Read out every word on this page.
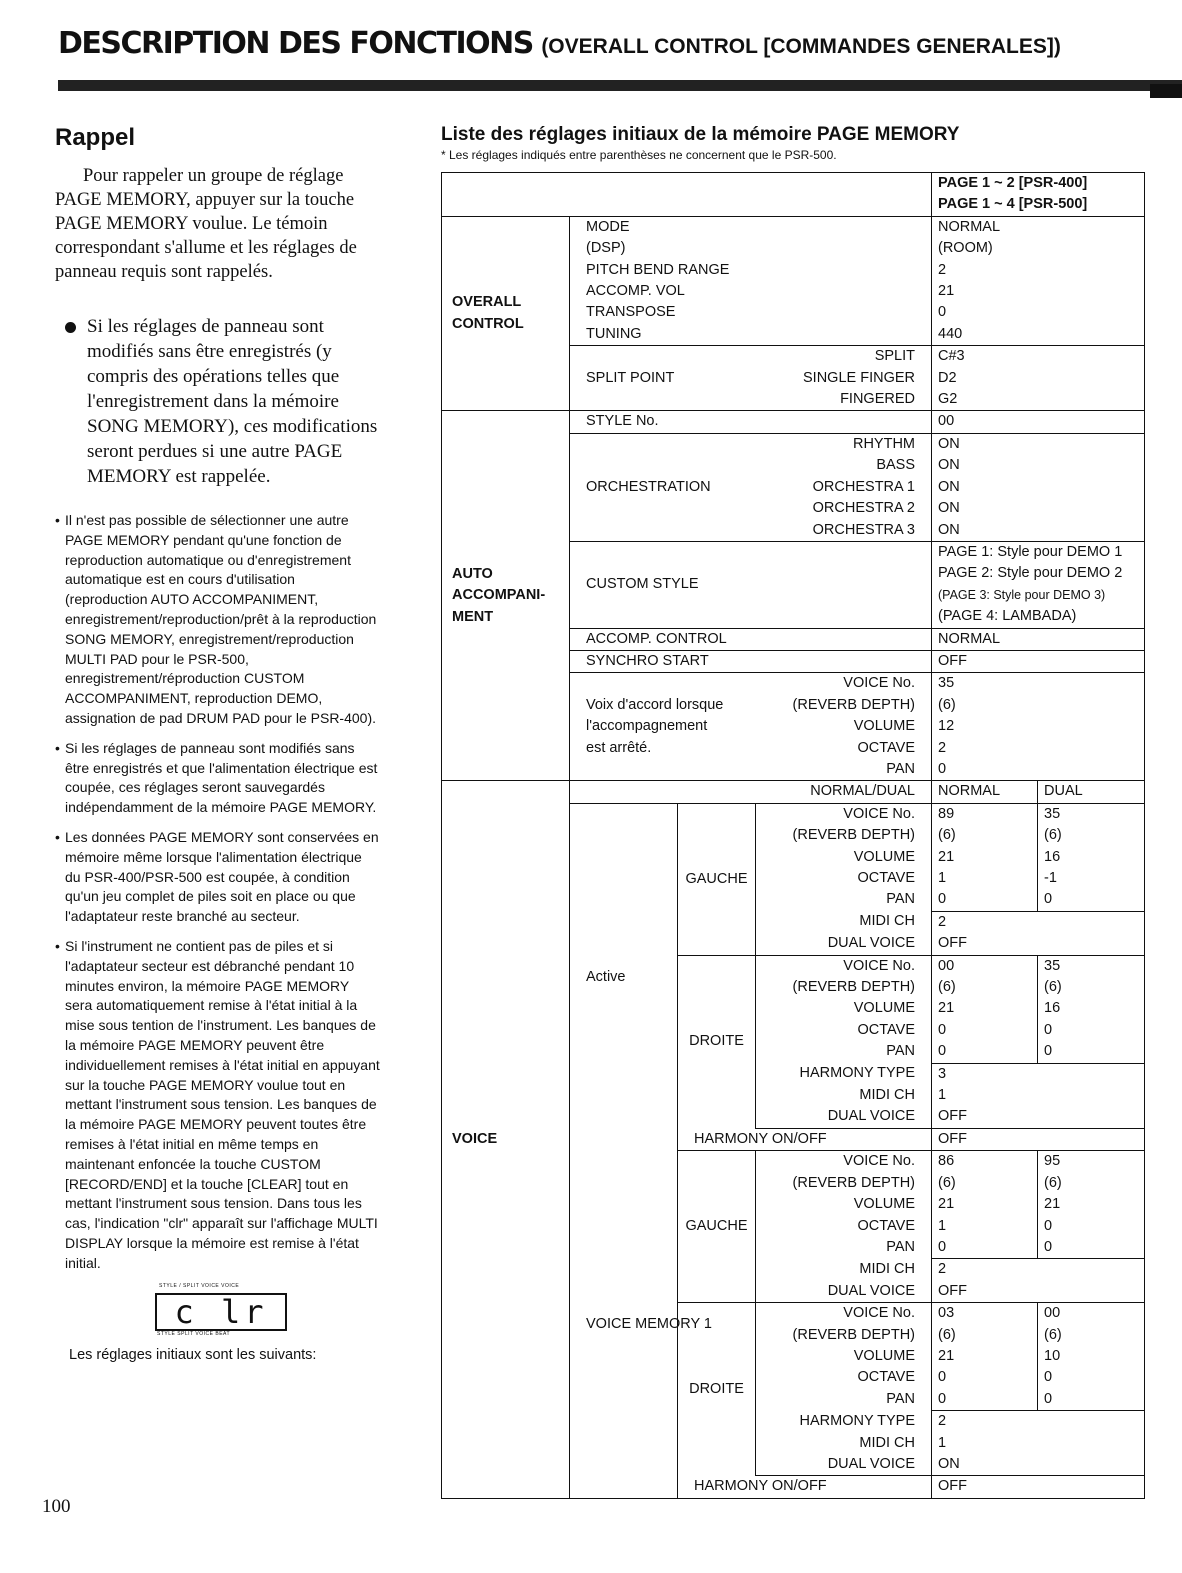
DESCRIPTION DES FONCTIONS (OVERALL CONTROL [COMMANDES GENERALES])
Rappel

Pour rappeler un groupe de réglage PAGE MEMORY, appuyer sur la touche PAGE MEMORY voulue. Le témoin correspondant s'allume et les réglages de panneau requis sont rappelés.

Si les réglages de panneau sont modifiés sans être enregistrés (y compris des opérations telles que l'enregistrement dans la mémoire SONG MEMORY), ces modifications seront perdues si une autre PAGE MEMORY est rappelée.
• Il n'est pas possible de sélectionner une autre PAGE MEMORY pendant qu'une fonction de reproduction automatique ou d'enregistrement automatique est en cours d'utilisation (reproduction AUTO ACCOMPANIMENT, enregistrement/reproduction/prêt à la reproduction SONG MEMORY, enregistrement/reproduction MULTI PAD pour le PSR-500, enregistrement/réproduction CUSTOM ACCOMPANIMENT, reproduction DEMO, assignation de pad DRUM PAD pour le PSR-400).
• Si les réglages de panneau sont modifiés sans être enregistrés et que l'alimentation électrique est coupée, ces réglages seront sauvegardés indépendamment de la mémoire PAGE MEMORY.
• Les données PAGE MEMORY sont conservées en mémoire même lorsque l'alimentation électrique du PSR-400/PSR-500 est coupée, à condition qu'un jeu complet de piles soit en place ou que l'adaptateur reste branché au secteur.
• Si l'instrument ne contient pas de piles et si l'adaptateur secteur est débranché pendant 10 minutes environ, la mémoire PAGE MEMORY sera automatiquement remise à l'état initial à la mise sous tention de l'instrument. Les banques de la mémoire PAGE MEMORY peuvent être individuellement remises à l'état initial en appuyant sur la touche PAGE MEMORY voulue tout en mettant l'instrument sous tension. Les banques de la mémoire PAGE MEMORY peuvent toutes être remises à l'état initial en même temps en maintenant enfoncée la touche CUSTOM [RECORD/END] et la touche [CLEAR] tout en mettant l'instrument sous tension. Dans tous les cas, l'indication "clr" apparaît sur l'affichage MULTI DISPLAY lorsque la mémoire est remise à l'état initial.
STYLE / SPLIT VOICE VOICE
c lr
STYLE SPLIT VOICE BEAT
Les réglages initiaux sont les suivants:
100
Liste des réglages initiaux de la mémoire PAGE MEMORY
* Les réglages indiqués entre parenthèses ne concernent que le PSR-500.
				PAGE 1 ~ 2 [PSR-400]	
				PAGE 1 ~ 4 [PSR-500]	
OVERALL CONTROL	MODE			NORMAL	
	(DSP)			(ROOM)	
	PITCH BEND RANGE			2	
	ACCOMP. VOL			21	
	TRANSPOSE			0	
	TUNING			440	
	SPLIT POINT		SPLIT	C#3	
			SINGLE FINGER	D2	
			FINGERED	G2	
AUTO ACCOMPANI-MENT	STYLE No.			00	
	ORCHESTRATION		RHYTHM	ON	
			BASS	ON	
			ORCHESTRA 1	ON	
			ORCHESTRA 2	ON	
			ORCHESTRA 3	ON	
	CUSTOM STYLE			PAGE 1: Style pour DEMO 1	
				PAGE 2: Style pour DEMO 2	
				(PAGE 3: Style pour DEMO 3)	
				(PAGE 4: LAMBADA)	
	ACCOMP. CONTROL			NORMAL	
	SYNCHRO START			OFF	
			VOICE No.	35	
	Voix d'accord lorsque		(REVERB DEPTH)	(6)	
	l'accompagnement		VOLUME	12	
	est arrêté.		OCTAVE	2	
			PAN	0	
VOICE	NORMAL/DUAL			NORMAL	DUAL
	Active	GAUCHE	VOICE No.	89	35
			(REVERB DEPTH)	(6)	(6)
			VOLUME	21	16
			OCTAVE	1	-1
			PAN	0	0
			MIDI CH	2	
			DUAL VOICE	OFF	
		DROITE	VOICE No.	00	35
			(REVERB DEPTH)	(6)	(6)
			VOLUME	21	16
			OCTAVE	0	0
			PAN	0	0
			HARMONY TYPE	3	
			MIDI CH	1	
			DUAL VOICE	OFF	
		HARMONY ON/OFF		OFF	
	VOICE MEMORY 1	GAUCHE	VOICE No.	86	95
			(REVERB DEPTH)	(6)	(6)
			VOLUME	21	21
			OCTAVE	1	0
			PAN	0	0
			MIDI CH	2	
			DUAL VOICE	OFF	
		DROITE	VOICE No.	03	00
			(REVERB DEPTH)	(6)	(6)
			VOLUME	21	10
			OCTAVE	0	0
			PAN	0	0
			HARMONY TYPE	2	
			MIDI CH	1	
			DUAL VOICE	ON	
		HARMONY ON/OFF		OFF	
